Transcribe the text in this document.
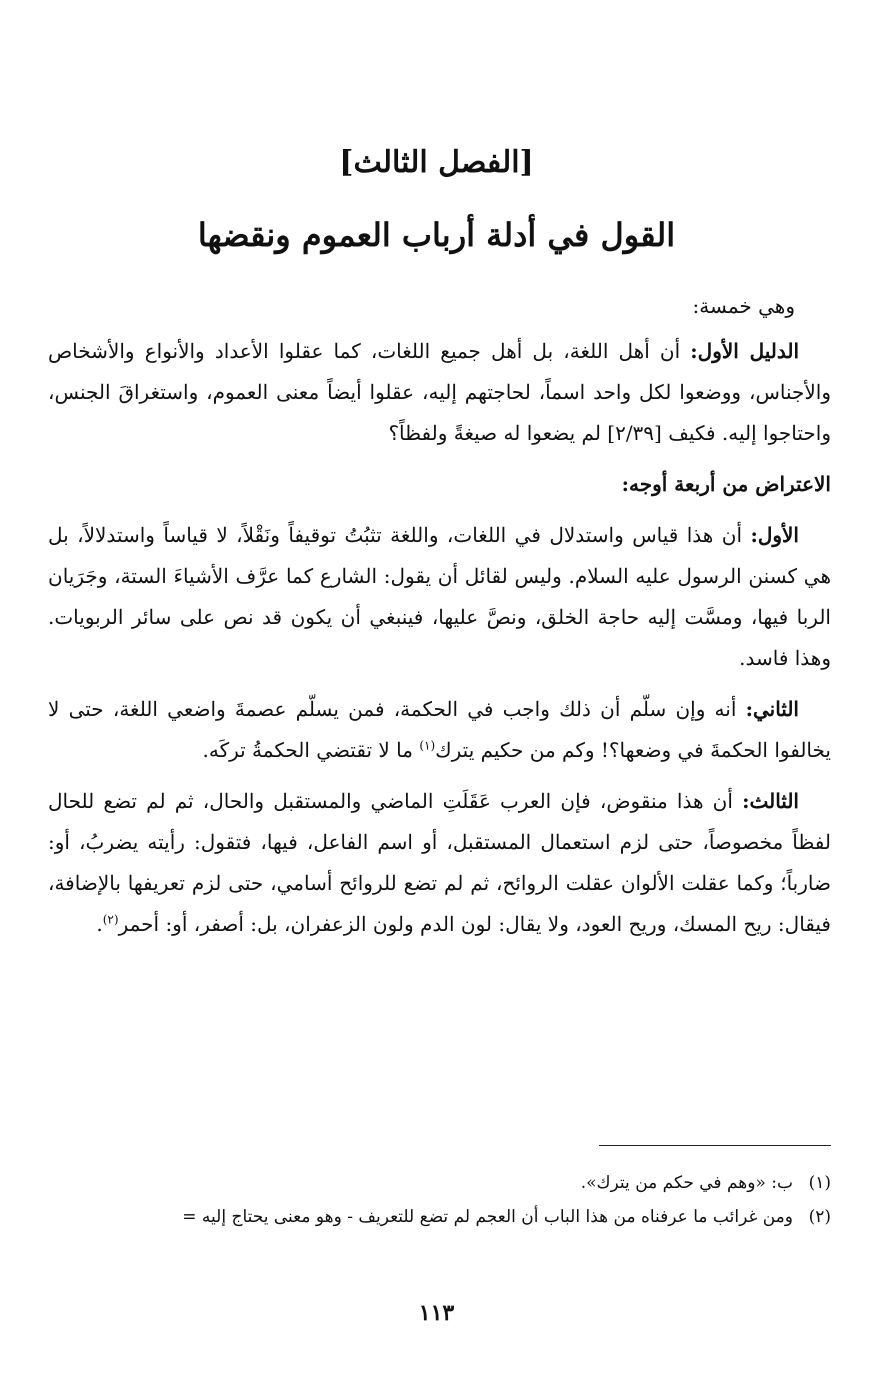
[الفصل الثالث]
القول في أدلة أرباب العموم ونقضها

وهي خمسة:

الدليل الأول: أن أهل اللغة، بل أهل جميع اللغات، كما عقلوا الأعداد والأنواع والأشخاص والأجناس، ووضعوا لكل واحد اسماً، لحاجتهم إليه، عقلوا أيضاً معنى العموم، واستغراقَ الجنس، واحتاجوا إليه. فكيف [٢/٣٩] لم يضعوا له صيغةً ولفظاً؟

الاعتراض من أربعة أوجه:

الأول: أن هذا قياس واستدلال في اللغات، واللغة تثبُتُ توقيفاً ونَقْلاً، لا قياساً واستدلالاً، بل هي كسنن الرسول عليه السلام. وليس لقائل أن يقول: الشارع كما عرَّف الأشياءَ الستة، وجَرَيان الربا فيها، ومسَّت إليه حاجة الخلق، ونصَّ عليها، فينبغي أن يكون قد نص على سائر الربويات. وهذا فاسد.

الثاني: أنه وإن سلّم أن ذلك واجب في الحكمة، فمن يسلّم عصمةَ واضعي اللغة، حتى لا يخالفوا الحكمةَ في وضعها؟! وكم من حكيم يترك$^{(١)}$ ما لا تقتضي الحكمةُ تركَه.

الثالث: أن هذا منقوض، فإن العرب عَقَلَتِ الماضي والمستقبل والحال، ثم لم تضع للحال لفظاً مخصوصاً، حتى لزم استعمال المستقبل، أو اسم الفاعل، فيها، فتقول: رأيته يضربُ، أو: ضارباً؛ وكما عقلت الألوان عقلت الروائح، ثم لم تضع للروائح أسامي، حتى لزم تعريفها بالإضافة، فيقال: ريح المسك، وريح العود، ولا يقال: لون الدم ولون الزعفران، بل: أصفر، أو: أحمر$^{(٢)}$.

(١)
ب: «وهم في حكم من يترك».
(٢)
ومن غرائب ما عرفناه من هذا الباب أن العجم لم تضع للتعريف - وهو معنى يحتاج إليه =
١١٣
